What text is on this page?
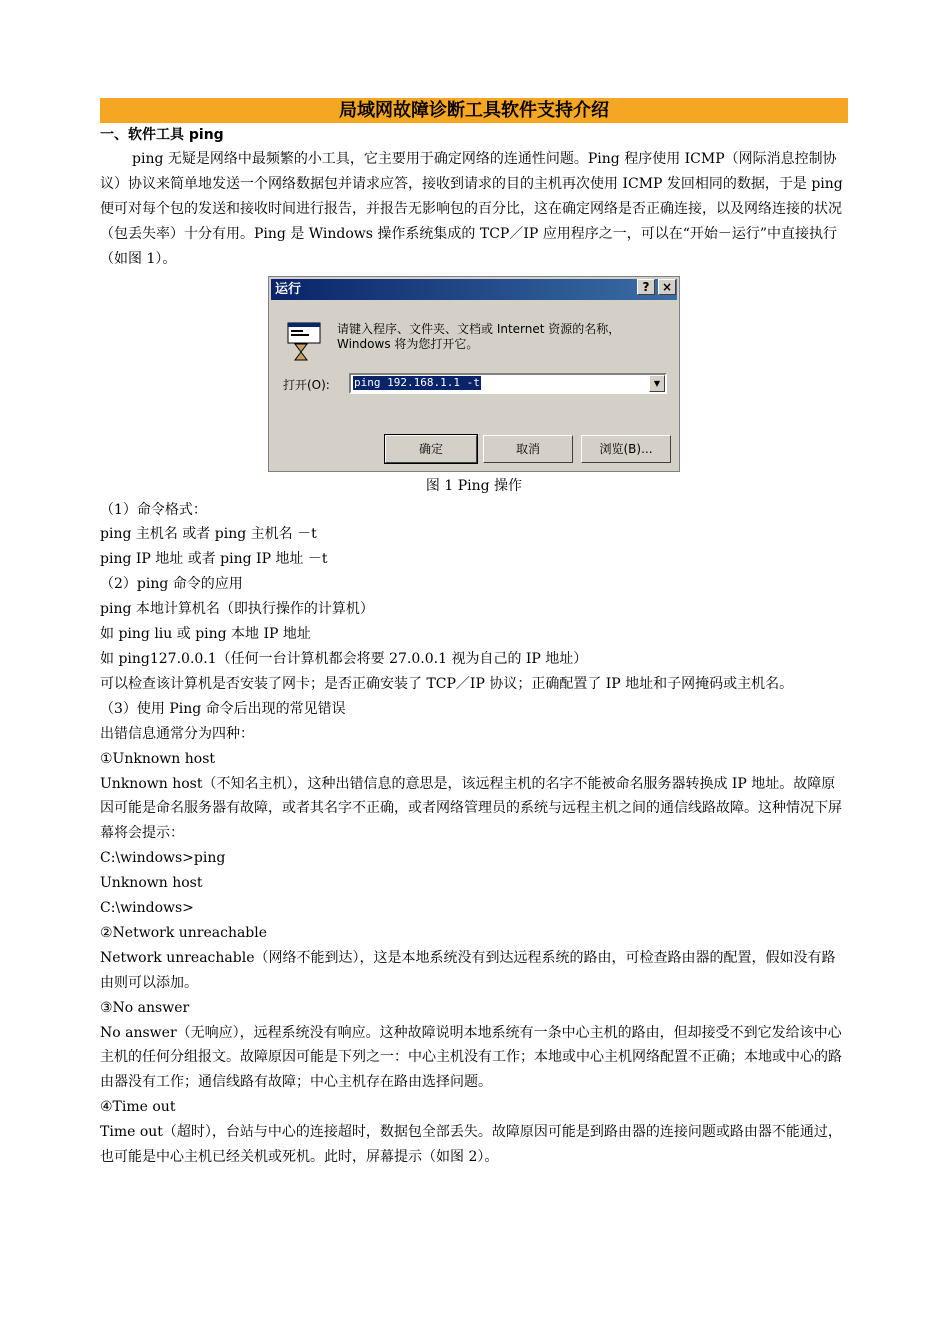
局域网故障诊断工具软件支持介绍
一、软件工具 ping

ping 无疑是网络中最频繁的小工具，它主要用于确定网络的连通性问题。Ping 程序使用 ICMP（网际消息控制协议）协议来简单地发送一个网络数据包并请求应答，接收到请求的目的主机再次使用 ICMP 发回相同的数据，于是 ping 便可对每个包的发送和接收时间进行报告，并报告无影响包的百分比，这在确定网络是否正确连接，以及网络连接的状况（包丢失率）十分有用。Ping 是 Windows 操作系统集成的 TCP／IP 应用程序之一，可以在“开始－运行”中直接执行（如图 1）。

运行	?	×
请键入程序、文件夹、文档或 Internet 资源的名称，Windows 将为您打开它。
打开(O): ping 192.168.1.1 -t	▼
确定	取消	浏览(B)...
图 1 Ping 操作
（1）命令格式：
ping 主机名 或者 ping 主机名 －t
ping IP 地址 或者 ping IP 地址 －t
（2）ping 命令的应用
ping 本地计算机名（即执行操作的计算机）
如 ping liu 或 ping 本地 IP 地址
如 ping127.0.0.1（任何一台计算机都会将要 27.0.0.1 视为自己的 IP 地址）

可以检查该计算机是否安装了网卡；是否正确安装了 TCP／IP 协议；正确配置了 IP 地址和子网掩码或主机名。

（3）使用 Ping 命令后出现的常见错误
出错信息通常分为四种：
①Unknown host

Unknown host（不知名主机），这种出错信息的意思是，该远程主机的名字不能被命名服务器转换成 IP 地址。故障原因可能是命名服务器有故障，或者其名字不正确，或者网络管理员的系统与远程主机之间的通信线路故障。这种情况下屏幕将会提示：

C:\windows>ping
Unknown host
C:\windows>
②Network unreachable

Network unreachable（网络不能到达），这是本地系统没有到达远程系统的路由，可检查路由器的配置，假如没有路由则可以添加。

③No answer

No answer（无响应），远程系统没有响应。这种故障说明本地系统有一条中心主机的路由，但却接受不到它发给该中心主机的任何分组报文。故障原因可能是下列之一：中心主机没有工作；本地或中心主机网络配置不正确；本地或中心的路由器没有工作；通信线路有故障；中心主机存在路由选择问题。

④Time out

Time out（超时），台站与中心的连接超时，数据包全部丢失。故障原因可能是到路由器的连接问题或路由器不能通过，也可能是中心主机已经关机或死机。此时，屏幕提示（如图 2）。
